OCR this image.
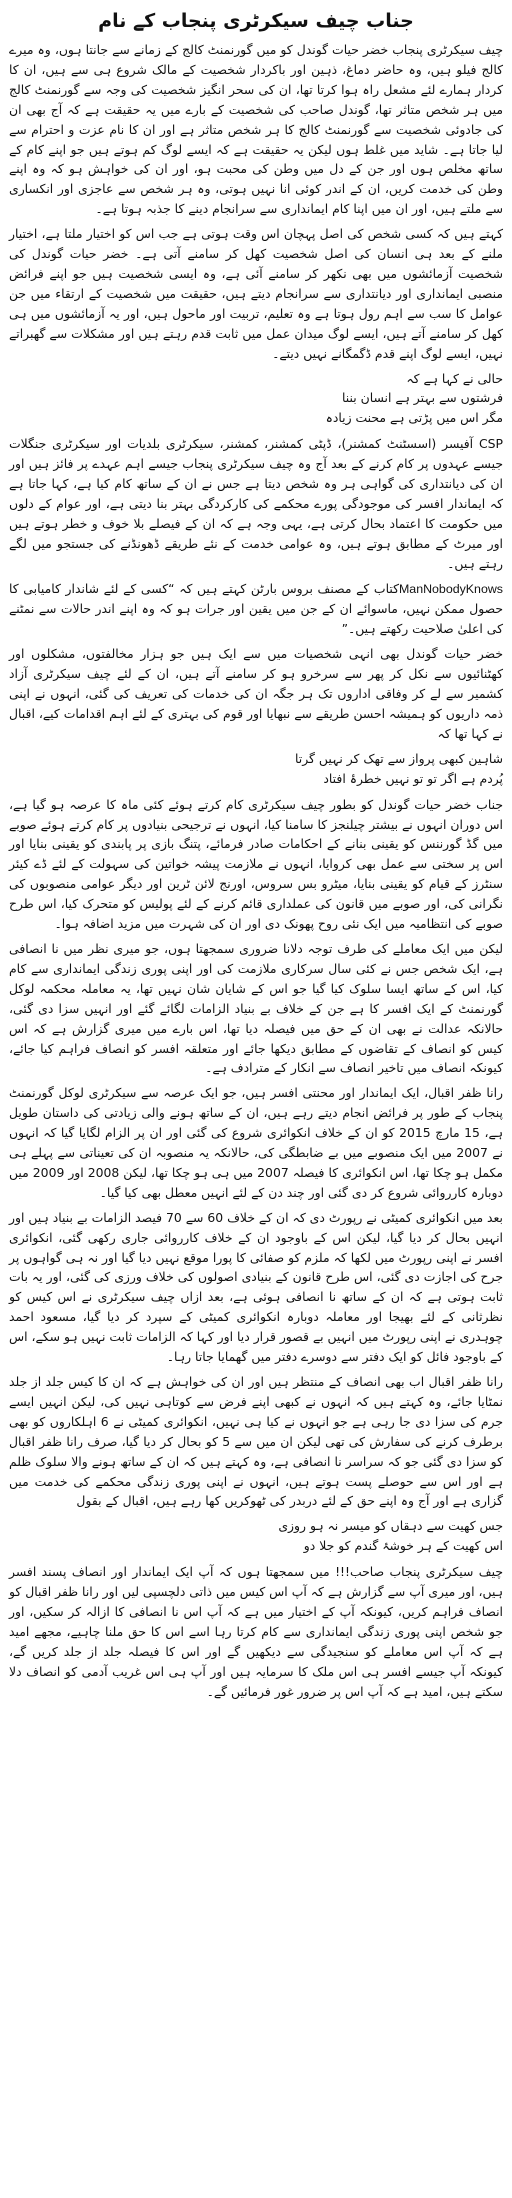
جناب چیف سیکرٹری پنجاب کے نام

چیف سیکرٹری پنجاب خضر حیات گوندل کو میں گورنمنٹ کالج کے زمانے سے جانتا ہوں، وہ میرے کالج فیلو ہیں، وہ حاضر دماغ، ذہین اور باکردار شخصیت کے مالک شروع ہی سے ہیں، ان کا کردار ہمارے لئے مشعل راہ ہوا کرتا تھا، ان کی سحر انگیز شخصیت کی وجہ سے گورنمنٹ کالج میں ہر شخص متاثر تھا، گوندل صاحب کی شخصیت کے بارے میں یہ حقیقت ہے کہ آج بھی ان کی جادوئی شخصیت سے گورنمنٹ کالج کا ہر شخص متاثر ہے اور ان کا نام عزت و احترام سے لیا جاتا ہے۔ شاید میں غلط ہوں لیکن یہ حقیقت ہے کہ ایسے لوگ کم ہوتے ہیں جو اپنے کام کے ساتھ مخلص ہوں اور جن کے دل میں وطن کی محبت ہو، اور ان کی خواہش ہو کہ وہ اپنے وطن کی خدمت کریں، ان کے اندر کوئی انا نہیں ہوتی، وہ ہر شخص سے عاجزی اور انکساری سے ملتے ہیں، اور ان میں اپنا کام ایمانداری سے سرانجام دینے کا جذبہ ہوتا ہے۔

کہتے ہیں کہ کسی شخص کی اصل پہچان اس وقت ہوتی ہے جب اس کو اختیار ملتا ہے، اختیار ملنے کے بعد ہی انسان کی اصل شخصیت کھل کر سامنے آتی ہے۔ خضر حیات گوندل کی شخصیت آزمائشوں میں بھی نکھر کر سامنے آئی ہے، وہ ایسی شخصیت ہیں جو اپنے فرائض منصبی ایمانداری اور دیانتداری سے سرانجام دیتے ہیں، حقیقت میں شخصیت کے ارتقاء میں جن عوامل کا سب سے اہم رول ہوتا ہے وہ تعلیم، تربیت اور ماحول ہیں، اور یہ آزمائشوں میں ہی کھل کر سامنے آتے ہیں، ایسے لوگ میدان عمل میں ثابت قدم رہتے ہیں اور مشکلات سے گھبراتے نہیں، ایسے لوگ اپنے قدم ڈگمگانے نہیں دیتے۔

حالی نے کہا ہے کہ

فرشتوں سے بہتر ہے انسان بننا

مگر اس میں پڑتی ہے محنت زیادہ

CSP آفیسر (اسسٹنٹ کمشنر)، ڈپٹی کمشنر، کمشنر، سیکرٹری بلدیات اور سیکرٹری جنگلات جیسے عہدوں پر کام کرنے کے بعد آج وہ چیف سیکرٹری پنجاب جیسے اہم عہدے پر فائز ہیں اور ان کی دیانتداری کی گواہی ہر وہ شخص دیتا ہے جس نے ان کے ساتھ کام کیا ہے، کہا جاتا ہے کہ ایماندار افسر کی موجودگی پورے محکمے کی کارکردگی بہتر بنا دیتی ہے، اور عوام کے دلوں میں حکومت کا اعتماد بحال کرتی ہے، یہی وجہ ہے کہ ان کے فیصلے بلا خوف و خطر ہوتے ہیں اور میرٹ کے مطابق ہوتے ہیں، وہ عوامی خدمت کے نئے طریقے ڈھونڈنے کی جستجو میں لگے رہتے ہیں۔

ManNobodyKnowsکتاب کے مصنف بروس بارٹن کہتے ہیں کہ “کسی کے لئے شاندار کامیابی کا حصول ممکن نہیں، ماسوائے ان کے جن میں یقین اور جرات ہو کہ وہ اپنے اندر حالات سے نمٹنے کی اعلیٰ صلاحیت رکھتے ہیں۔”

خضر حیات گوندل بھی انہی شخصیات میں سے ایک ہیں جو ہزار مخالفتوں، مشکلوں اور کھٹنائیوں سے نکل کر پھر سے سرخرو ہو کر سامنے آتے ہیں، ان کے لئے چیف سیکرٹری آزاد کشمیر سے لے کر وفاقی اداروں تک ہر جگہ ان کی خدمات کی تعریف کی گئی، انہوں نے اپنی ذمہ داریوں کو ہمیشہ احسن طریقے سے نبھایا اور قوم کی بہتری کے لئے اہم اقدامات کیے، اقبال نے کہا تھا کہ

شاہین کبھی پرواز سے تھک کر نہیں گرتا

پُردم ہے اگر تو تو نہیں خطرۂ افتاد

جناب خضر حیات گوندل کو بطور چیف سیکرٹری کام کرتے ہوئے کئی ماہ کا عرصہ ہو گیا ہے، اس دوران انہوں نے بیشتر چیلنجز کا سامنا کیا، انہوں نے ترجیحی بنیادوں پر کام کرتے ہوئے صوبے میں گڈ گورننس کو یقینی بنانے کے احکامات صادر فرمائے، پتنگ بازی پر پابندی کو یقینی بنایا اور اس پر سختی سے عمل بھی کروایا، انہوں نے ملازمت پیشہ خواتین کی سہولت کے لئے ڈے کیئر سنٹرز کے قیام کو یقینی بنایا، میٹرو بس سروس، اورنج لائن ٹرین اور دیگر عوامی منصوبوں کی نگرانی کی، اور صوبے میں قانون کی عملداری قائم کرنے کے لئے پولیس کو متحرک کیا، اس طرح صوبے کی انتظامیہ میں ایک نئی روح پھونک دی اور ان کی شہرت میں مزید اضافہ ہوا۔

لیکن میں ایک معاملے کی طرف توجہ دلانا ضروری سمجھتا ہوں، جو میری نظر میں نا انصافی ہے، ایک شخص جس نے کئی سال سرکاری ملازمت کی اور اپنی پوری زندگی ایمانداری سے کام کیا، اس کے ساتھ ایسا سلوک کیا گیا جو اس کے شایان شان نہیں تھا، یہ معاملہ محکمہ لوکل گورنمنٹ کے ایک افسر کا ہے جن کے خلاف بے بنیاد الزامات لگائے گئے اور انہیں سزا دی گئی، حالانکہ عدالت نے بھی ان کے حق میں فیصلہ دیا تھا، اس بارے میں میری گزارش ہے کہ اس کیس کو انصاف کے تقاضوں کے مطابق دیکھا جائے اور متعلقہ افسر کو انصاف فراہم کیا جائے، کیونکہ انصاف میں تاخیر انصاف سے انکار کے مترادف ہے۔

رانا ظفر اقبال، ایک ایماندار اور محنتی افسر ہیں، جو ایک عرصہ سے سیکرٹری لوکل گورنمنٹ پنجاب کے طور پر فرائض انجام دیتے رہے ہیں، ان کے ساتھ ہونے والی زیادتی کی داستان طویل ہے، 15 مارچ 2015 کو ان کے خلاف انکوائری شروع کی گئی اور ان پر الزام لگایا گیا کہ انہوں نے 2007 میں ایک منصوبے میں بے ضابطگی کی، حالانکہ یہ منصوبہ ان کی تعیناتی سے پہلے ہی مکمل ہو چکا تھا، اس انکوائری کا فیصلہ 2007 میں ہی ہو چکا تھا، لیکن 2008 اور 2009 میں دوبارہ کارروائی شروع کر دی گئی اور چند دن کے لئے انہیں معطل بھی کیا گیا۔

بعد میں انکوائری کمیٹی نے رپورٹ دی کہ ان کے خلاف 60 سے 70 فیصد الزامات بے بنیاد ہیں اور انہیں بحال کر دیا گیا، لیکن اس کے باوجود ان کے خلاف کارروائی جاری رکھی گئی، انکوائری افسر نے اپنی رپورٹ میں لکھا کہ ملزم کو صفائی کا پورا موقع نہیں دیا گیا اور نہ ہی گواہوں پر جرح کی اجازت دی گئی، اس طرح قانون کے بنیادی اصولوں کی خلاف ورزی کی گئی، اور یہ بات ثابت ہوتی ہے کہ ان کے ساتھ نا انصافی ہوئی ہے، بعد ازاں چیف سیکرٹری نے اس کیس کو نظرثانی کے لئے بھیجا اور معاملہ دوبارہ انکوائری کمیٹی کے سپرد کر دیا گیا، مسعود احمد چوہدری نے اپنی رپورٹ میں انہیں بے قصور قرار دیا اور کہا کہ الزامات ثابت نہیں ہو سکے، اس کے باوجود فائل کو ایک دفتر سے دوسرے دفتر میں گھمایا جاتا رہا۔

رانا ظفر اقبال اب بھی انصاف کے منتظر ہیں اور ان کی خواہش ہے کہ ان کا کیس جلد از جلد نمٹایا جائے، وہ کہتے ہیں کہ انہوں نے کبھی اپنے فرض سے کوتاہی نہیں کی، لیکن انہیں ایسے جرم کی سزا دی جا رہی ہے جو انہوں نے کیا ہی نہیں، انکوائری کمیٹی نے 6 اہلکاروں کو بھی برطرف کرنے کی سفارش کی تھی لیکن ان میں سے 5 کو بحال کر دیا گیا، صرف رانا ظفر اقبال کو سزا دی گئی جو کہ سراسر نا انصافی ہے، وہ کہتے ہیں کہ ان کے ساتھ ہونے والا سلوک ظلم ہے اور اس سے حوصلے پست ہوتے ہیں، انہوں نے اپنی پوری زندگی محکمے کی خدمت میں گزاری ہے اور آج وہ اپنے حق کے لئے دربدر کی ٹھوکریں کھا رہے ہیں، اقبال کے بقول

جس کھیت سے دہقاں کو میسر نہ ہو روزی

اس کھیت کے ہر خوشۂ گندم کو جلا دو

چیف سیکرٹری پنجاب صاحب!!! میں سمجھتا ہوں کہ آپ ایک ایماندار اور انصاف پسند افسر ہیں، اور میری آپ سے گزارش ہے کہ آپ اس کیس میں ذاتی دلچسپی لیں اور رانا ظفر اقبال کو انصاف فراہم کریں، کیونکہ آپ کے اختیار میں ہے کہ آپ اس نا انصافی کا ازالہ کر سکیں، اور جو شخص اپنی پوری زندگی ایمانداری سے کام کرتا رہا اسے اس کا حق ملنا چاہیے، مجھے امید ہے کہ آپ اس معاملے کو سنجیدگی سے دیکھیں گے اور اس کا فیصلہ جلد از جلد کریں گے، کیونکہ آپ جیسے افسر ہی اس ملک کا سرمایہ ہیں اور آپ ہی اس غریب آدمی کو انصاف دلا سکتے ہیں، امید ہے کہ آپ اس پر ضرور غور فرمائیں گے۔
